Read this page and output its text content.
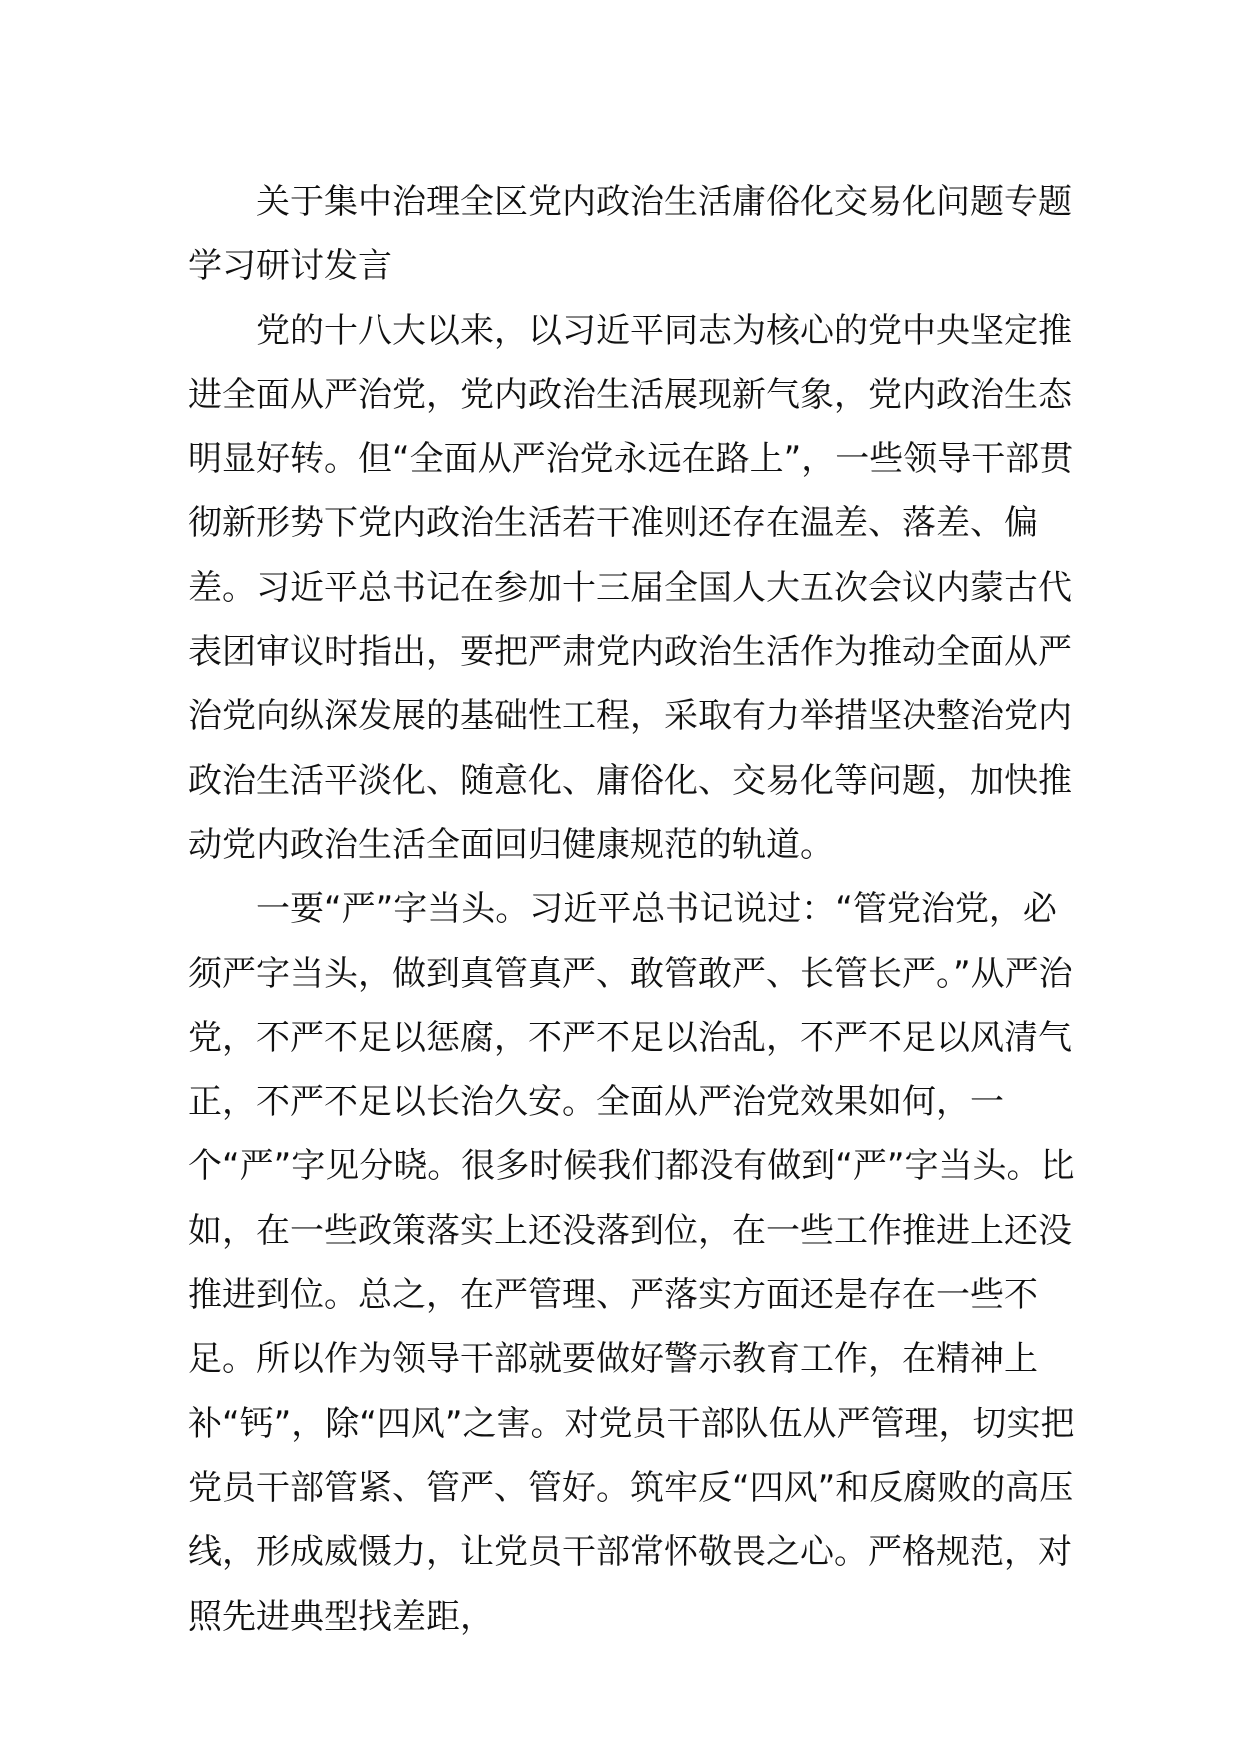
关于集中治理全区党内政治生活庸俗化交易化问题专题学习研讨发言

党的十八大以来，以习近平同志为核心的党中央坚定推进全面从严治党，党内政治生活展现新气象，党内政治生态明显好转。但“全面从严治党永远在路上”，一些领导干部贯彻新形势下党内政治生活若干准则还存在温差、落差、偏差。习近平总书记在参加十三届全国人大五次会议内蒙古代表团审议时指出，要把严肃党内政治生活作为推动全面从严治党向纵深发展的基础性工程，采取有力举措坚决整治党内政治生活平淡化、随意化、庸俗化、交易化等问题，加快推动党内政治生活全面回归健康规范的轨道。

一要“严”字当头。习近平总书记说过：“管党治党，必须严字当头，做到真管真严、敢管敢严、长管长严。”从严治党，不严不足以惩腐，不严不足以治乱，不严不足以风清气正，不严不足以长治久安。全面从严治党效果如何，一个“严”字见分晓。很多时候我们都没有做到“严”字当头。比如，在一些政策落实上还没落到位，在一些工作推进上还没推进到位。总之，在严管理、严落实方面还是存在一些不足。所以作为领导干部就要做好警示教育工作，在精神上补“钙”，除“四风”之害。对党员干部队伍从严管理，切实把党员干部管紧、管严、管好。筑牢反“四风”和反腐败的高压线，形成威慑力，让党员干部常怀敬畏之心。严格规范，对照先进典型找差距，
